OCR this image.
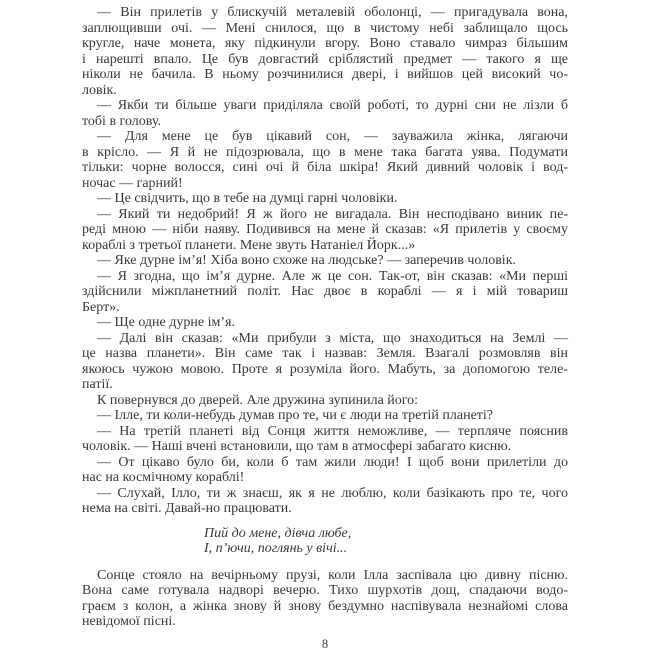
— Він прилетів у блискучій металевій оболонці, — пригадувала вона,
заплющивши очі. — Мені снилося, що в чистому небі заблищало щось
кругле, наче монета, яку підкинули вгору. Воно ставало чимраз більшим
і нарешті впало. Це був довгастий сріблястий предмет — такого я ще
ніколи не бачила. В ньому розчинилися двері, і вийшов цей високий чо-
ловік.
— Якби ти більше уваги приділяла своїй роботі, то дурні сни не лізли б
тобі в голову.
— Для мене це був цікавий сон, — зауважила жінка, лягаючи
в крісло. — Я й не підозрювала, що в мене така багата уява. Подумати
тільки: чорне волосся, сині очі й біла шкіра! Який дивний чоловік і вод-
ночас — гарний!
— Це свідчить, що в тебе на думці гарні чоловіки.
— Який ти недобрий! Я ж його не вигадала. Він несподівано виник пе-
реді мною — ніби наяву. Подивився на мене й сказав: «Я прилетів у своєму
кораблі з третьої планети. Мене звуть Натаніел Йорк...»
— Яке дурне ім’я! Хіба воно схоже на людське? — заперечив чоловік.
— Я згодна, що ім’я дурне. Але ж це сон. Так-от, він сказав: «Ми перші
здійснили міжпланетний політ. Нас двоє в кораблі — я і мій товариш
Берт».
— Ще одне дурне ім’я.
— Далі він сказав: «Ми прибули з міста, що знаходиться на Землі —
це назва планети». Він саме так і назвав: Земля. Взагалі розмовляв він
якоюсь чужою мовою. Проте я розуміла його. Мабуть, за допомогою теле-
патії.
К повернувся до дверей. Але дружина зупинила його:
— Ілле, ти коли-небудь думав про те, чи є люди на третій планеті?
— На третій планеті від Сонця життя неможливе, — терпляче пояснив
чоловік. — Наші вчені встановили, що там в атмосфері забагато кисню.
— От цікаво було би, коли б там жили люди! І щоб вони прилетіли до
нас на космічному кораблі!
— Слухай, Ілло, ти ж знаєш, як я не люблю, коли базікають про те, чого
нема на світі. Давай-но працювати.
Пий до мене, дівча любе,
І, п’ючи, поглянь у вічі...
Сонце стояло на вечірньому прузі, коли Ілла заспівала цю дивну пісню.
Вона саме готувала надворі вечерю. Тихо шурхотів дощ, спадаючи водо-
граєм з колон, а жінка знову й знову бездумно наспівувала незнайомі слова
невідомої пісні.
8
